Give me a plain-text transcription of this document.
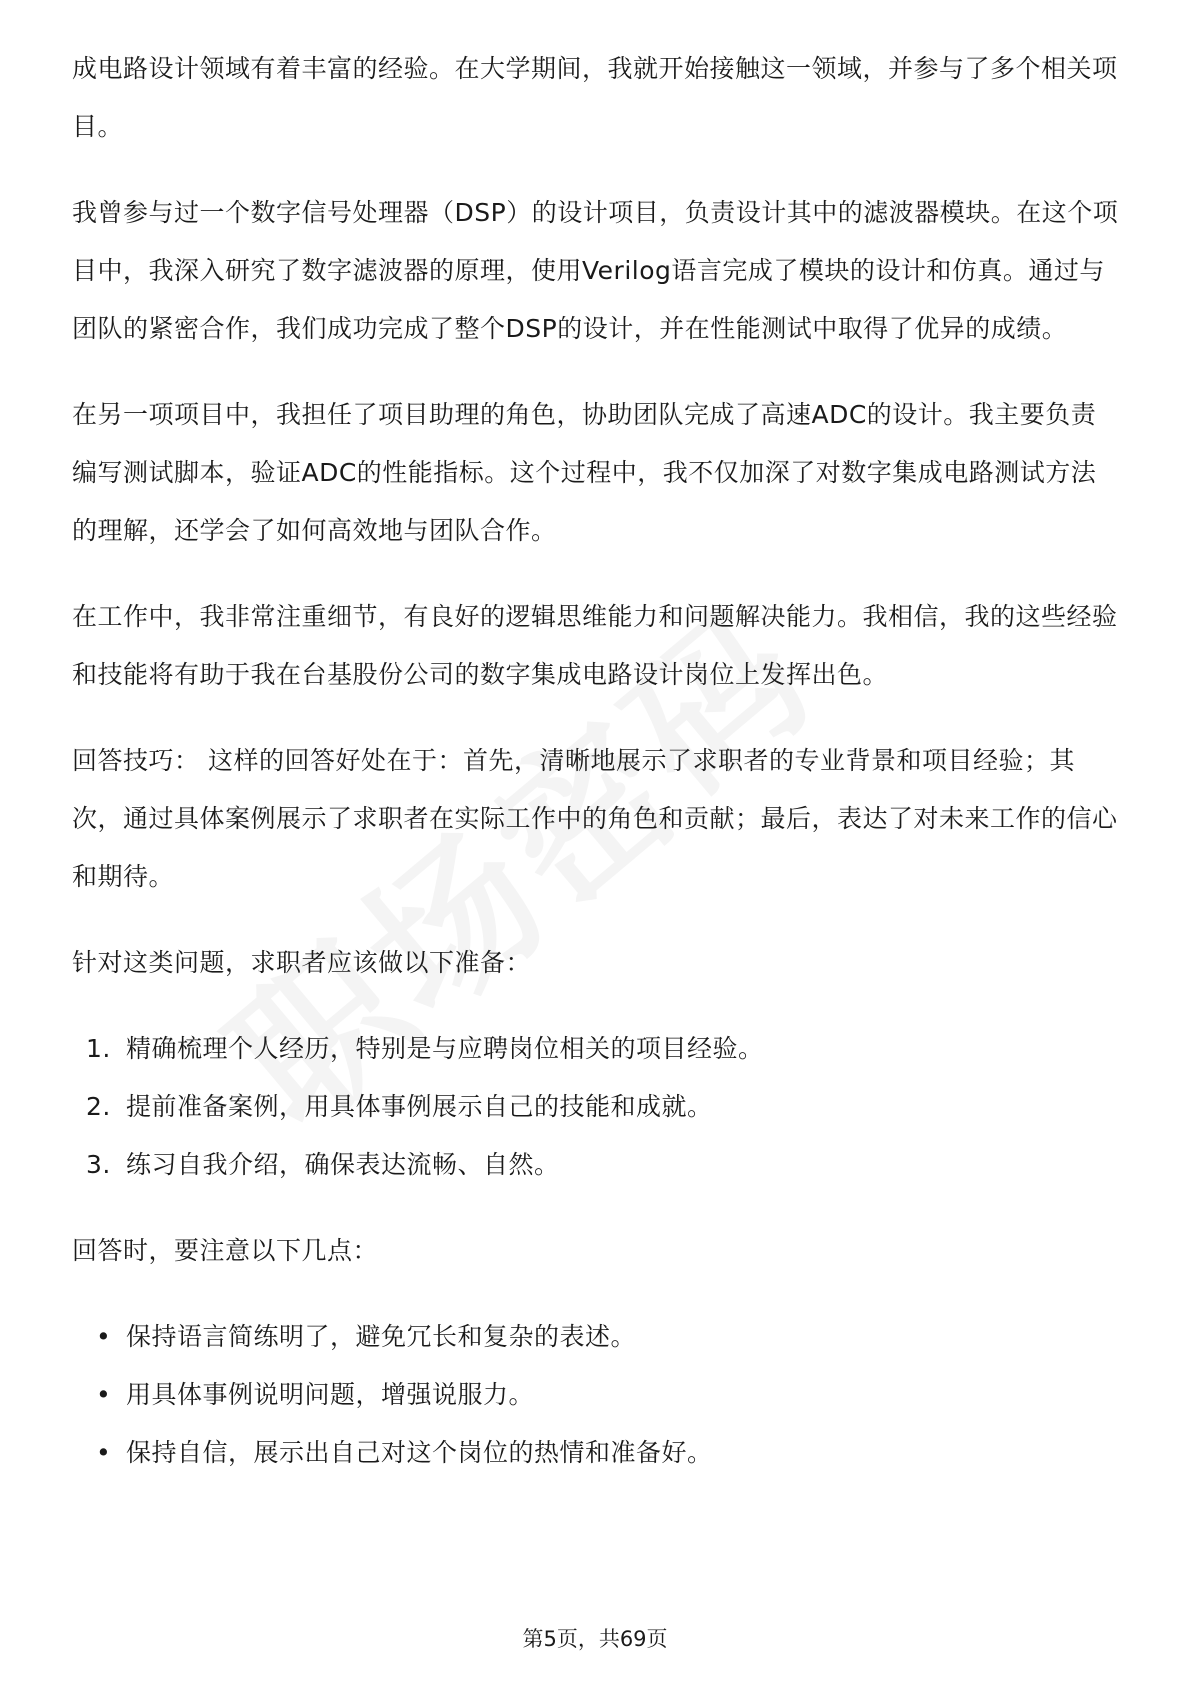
成电路设计领域有着丰富的经验。在大学期间，我就开始接触这一领域，并参与了多个相关项目。

我曾参与过一个数字信号处理器（DSP）的设计项目，负责设计其中的滤波器模块。在这个项目中，我深入研究了数字滤波器的原理，使用Verilog语言完成了模块的设计和仿真。通过与团队的紧密合作，我们成功完成了整个DSP的设计，并在性能测试中取得了优异的成绩。

在另一项项目中，我担任了项目助理的角色，协助团队完成了高速ADC的设计。我主要负责编写测试脚本，验证ADC的性能指标。这个过程中，我不仅加深了对数字集成电路测试方法的理解，还学会了如何高效地与团队合作。

在工作中，我非常注重细节，有良好的逻辑思维能力和问题解决能力。我相信，我的这些经验和技能将有助于我在台基股份公司的数字集成电路设计岗位上发挥出色。

回答技巧： 这样的回答好处在于：首先，清晰地展示了求职者的专业背景和项目经验；其次，通过具体案例展示了求职者在实际工作中的角色和贡献；最后，表达了对未来工作的信心和期待。

针对这类问题，求职者应该做以下准备：

1. 精确梳理个人经历，特别是与应聘岗位相关的项目经验。
2. 提前准备案例，用具体事例展示自己的技能和成就。
3. 练习自我介绍，确保表达流畅、自然。

回答时，要注意以下几点：

• 保持语言简练明了，避免冗长和复杂的表述。
• 用具体事例说明问题，增强说服力。
• 保持自信，展示出自己对这个岗位的热情和准备好。
第5页，共69页
